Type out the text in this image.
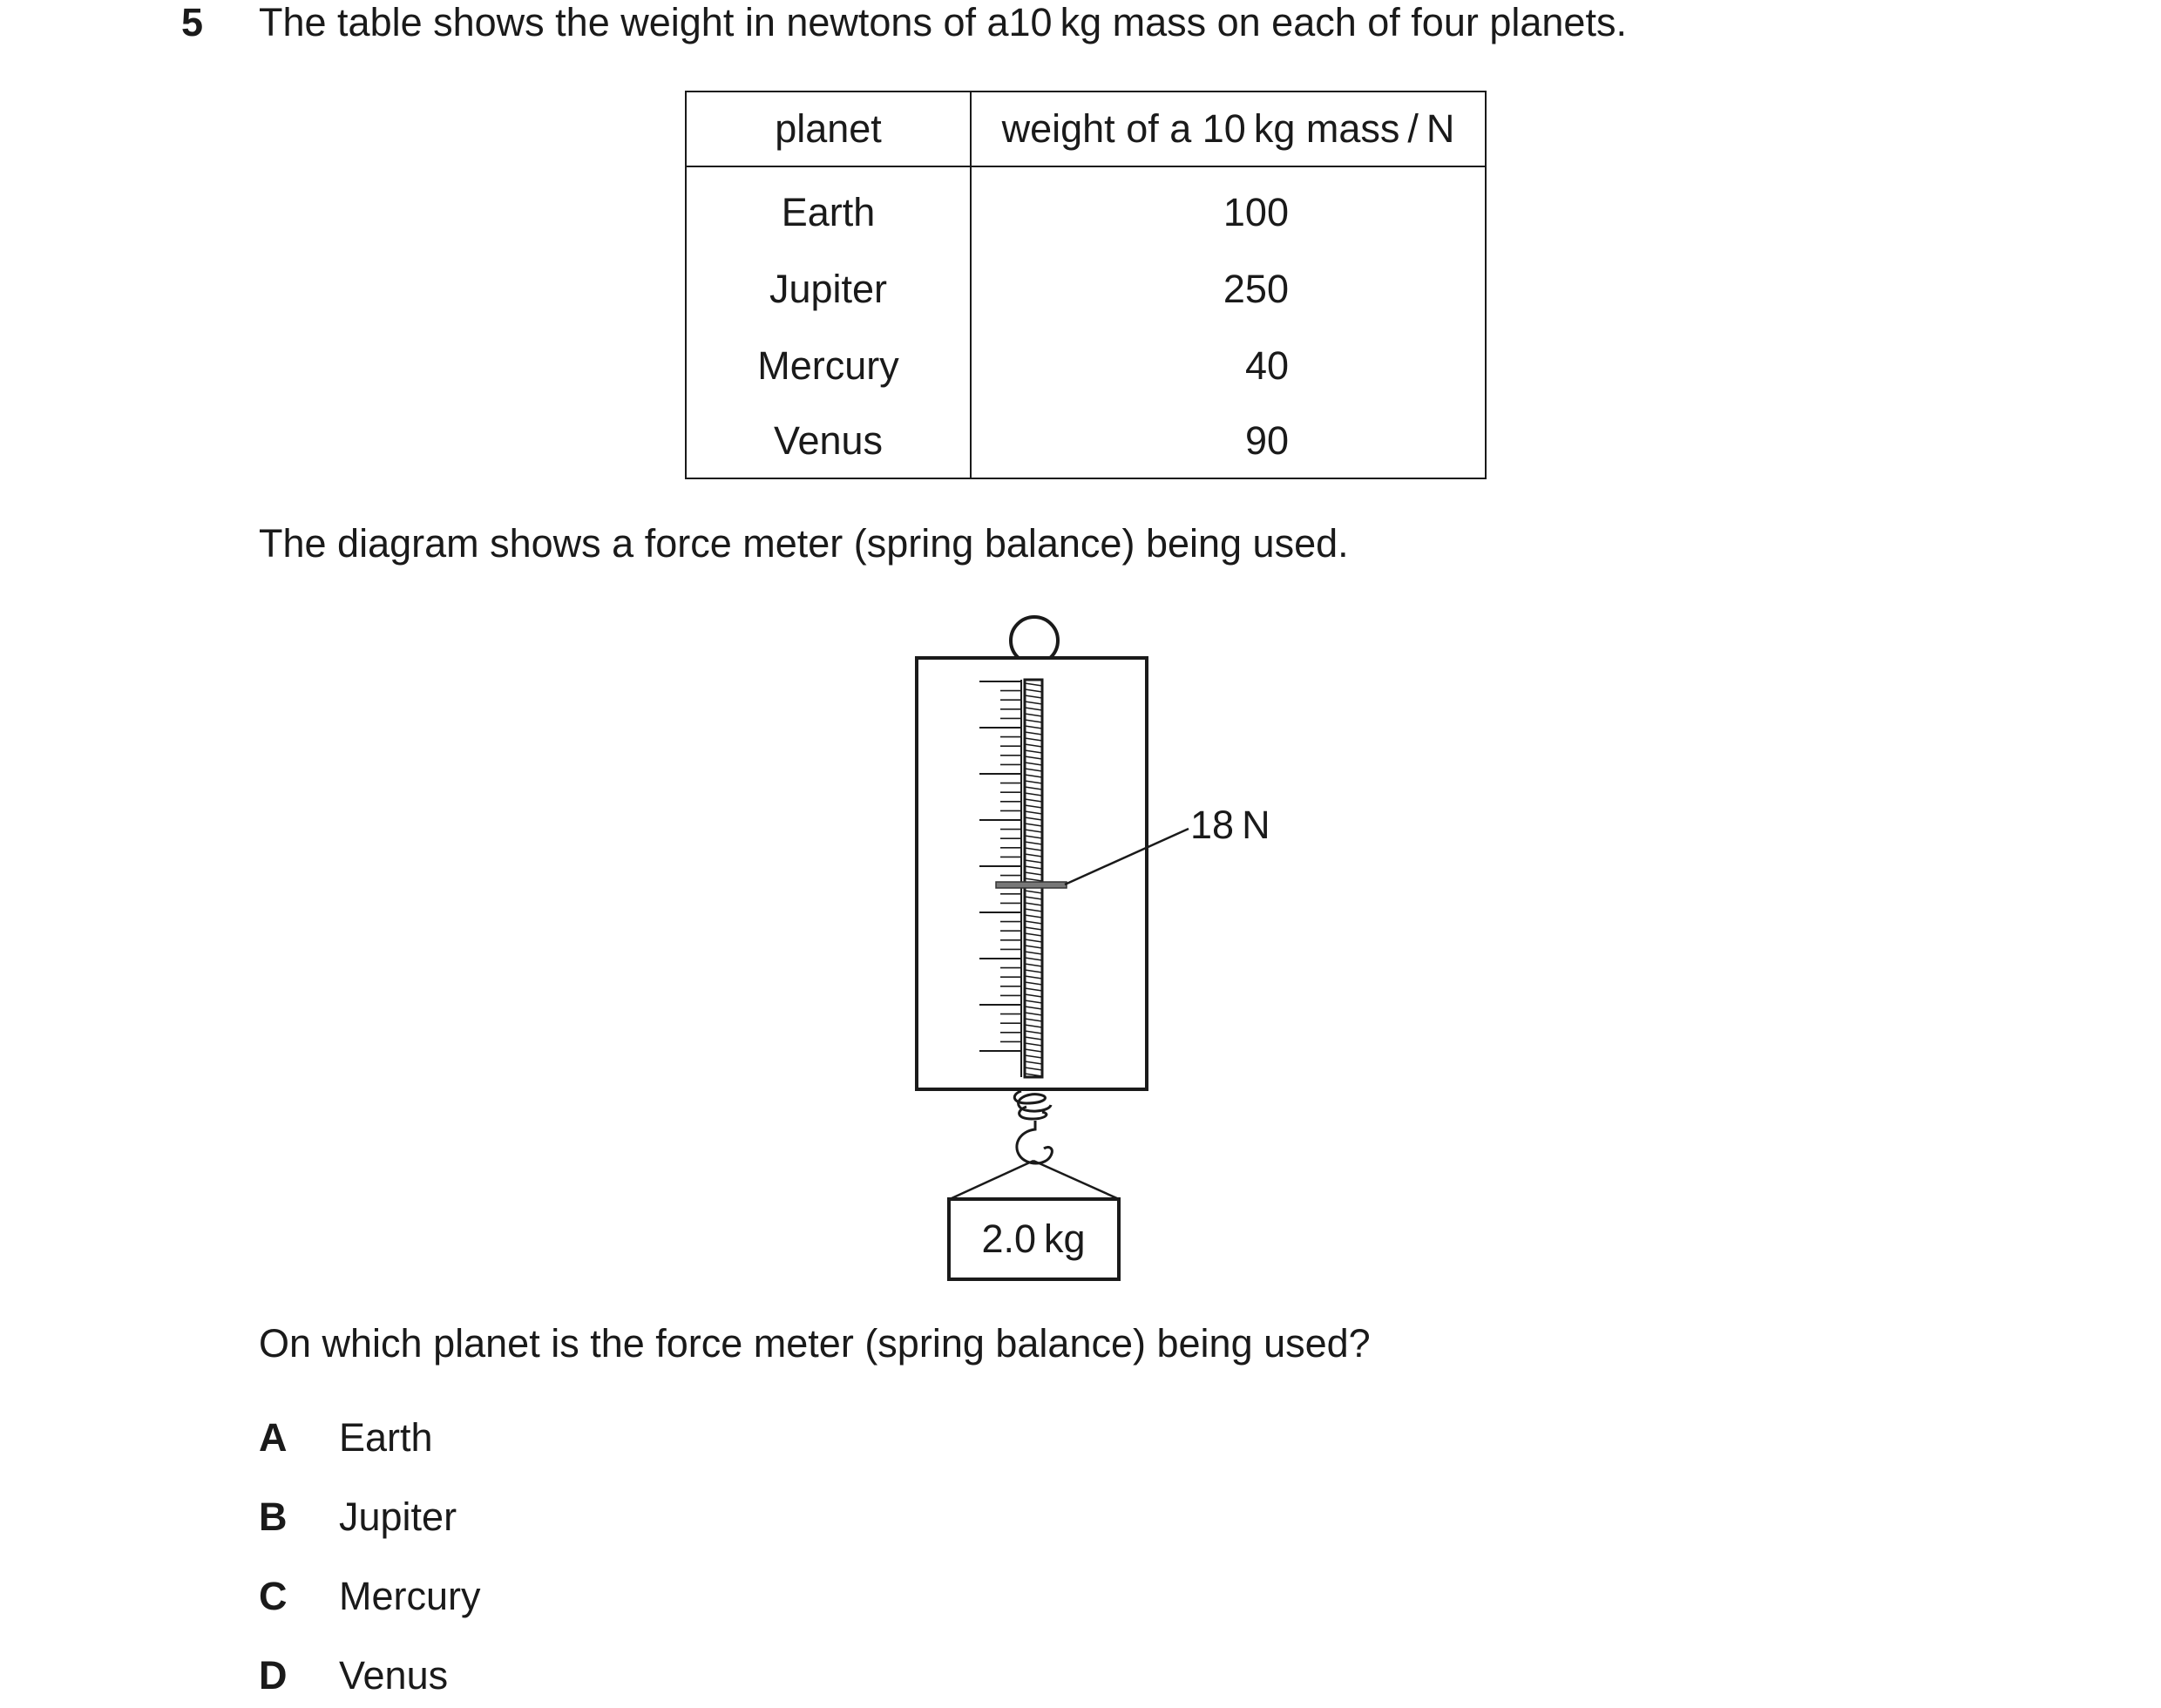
5 The table shows the weight in newtons of a10 kg mass on each of four planets.
planet	weight of a 10 kg mass / N
Earth	100
Jupiter	250
Mercury	40
Venus	90
The diagram shows a force meter (spring balance) being used.
18 N
2.0 kg
On which planet is the force meter (spring balance) being used?
A Earth
B Jupiter
C Mercury
D Venus
